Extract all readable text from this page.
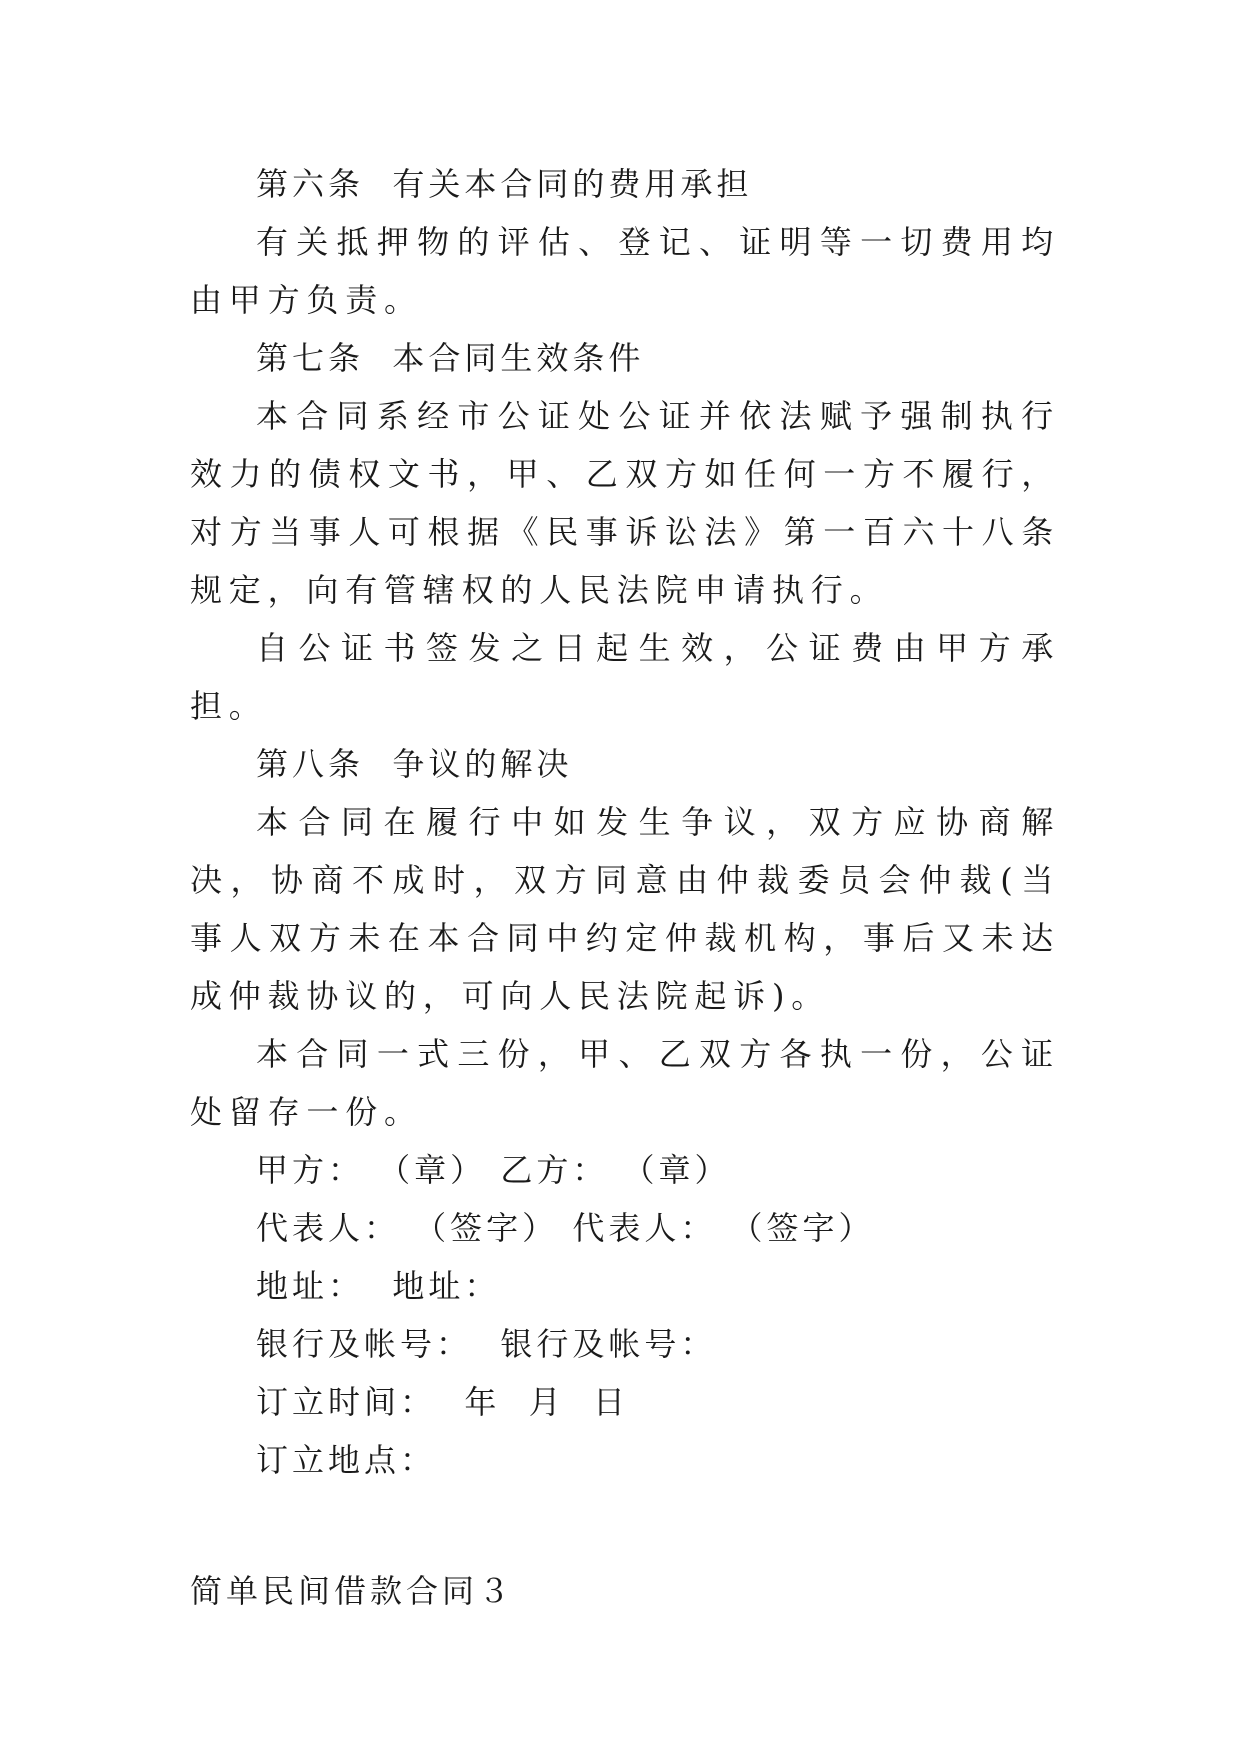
第六条  有关本合同的费用承担

有关抵押物的评估、登记、证明等一切费用均由甲方负责。

第七条  本合同生效条件

本合同系经市公证处公证并依法赋予强制执行效力的债权文书，甲、乙双方如任何一方不履行，对方当事人可根据《民事诉讼法》第一百六十八条规定，向有管辖权的人民法院申请执行。

自公证书签发之日起生效，公证费由甲方承担。

第八条  争议的解决

本合同在履行中如发生争议，双方应协商解决，协商不成时，双方同意由仲裁委员会仲裁(当事人双方未在本合同中约定仲裁机构，事后又未达成仲裁协议的，可向人民法院起诉)。

本合同一式三份，甲、乙双方各执一份，公证处留存一份。

甲方： （章） 乙方： （章）

代表人： （签字） 代表人： （签字）

地址：  地址：

银行及帐号：  银行及帐号：

订立时间：  年  月  日

订立地点：

简单民间借款合同３
